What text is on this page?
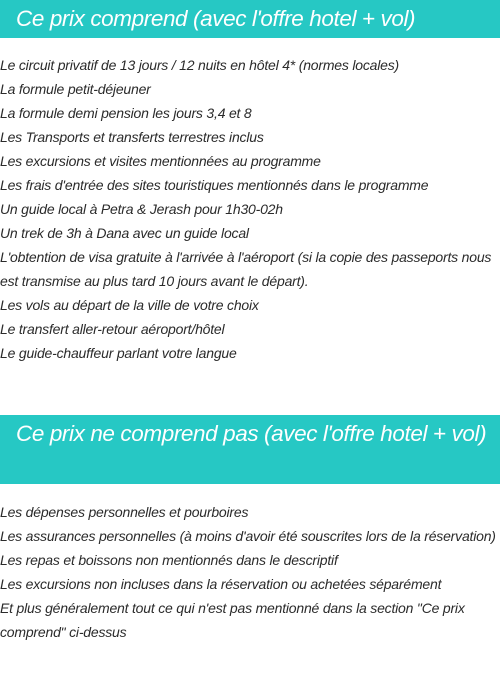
Ce prix comprend (avec l'offre hotel + vol)
Le circuit privatif de 13 jours / 12 nuits en hôtel 4* (normes locales)
La formule petit-déjeuner
La formule demi pension les jours 3,4 et 8
Les Transports et transferts terrestres inclus
Les excursions et visites mentionnées au programme
Les frais d'entrée des sites touristiques mentionnés dans le programme
Un guide local à Petra & Jerash pour 1h30-02h
Un trek de 3h à Dana avec un guide local
L'obtention de visa gratuite à l'arrivée à l'aéroport (si la copie des passeports nous est transmise au plus tard 10 jours avant le départ).
Les vols au départ de la ville de votre choix
Le transfert aller-retour aéroport/hôtel
Le guide-chauffeur parlant votre langue
Ce prix ne comprend pas (avec l'offre hotel + vol)
Les dépenses personnelles et pourboires
Les assurances personnelles (à moins d'avoir été souscrites lors de la réservation)
Les repas et boissons non mentionnés dans le descriptif
Les excursions non incluses dans la réservation ou achetées séparément
Et plus généralement tout ce qui n'est pas mentionné dans la section "Ce prix comprend" ci-dessus
